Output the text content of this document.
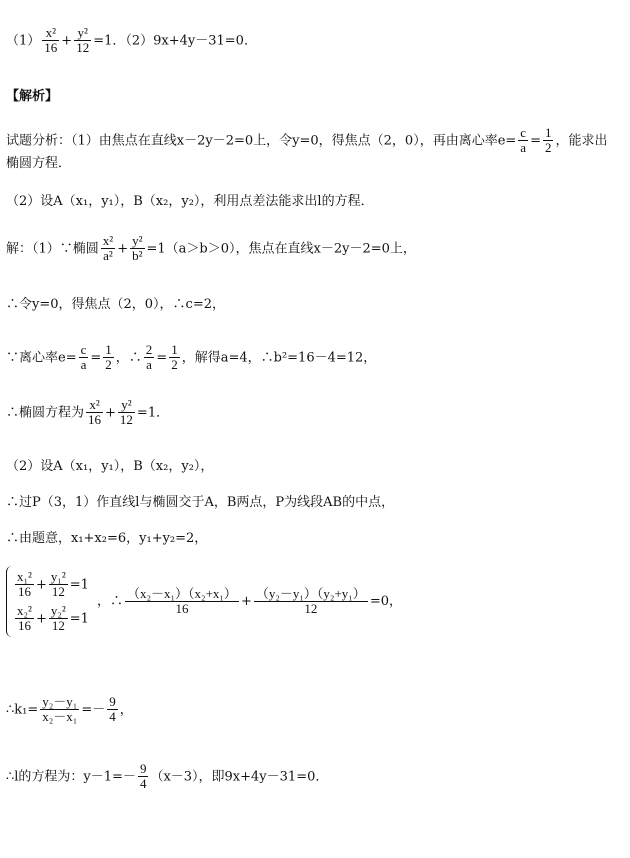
$(1) \frac{\text{x²}}{16} + \frac{\text{y²}}{12} =1$．（2）9x+4y－31=0．
【解析】
试题分析：（1）由焦点在直线x－2y－2=0上，令y=0，得焦点（2，0），再由离心率$e= \frac{c}{a} = \frac{1}{2}$ ，能求出
椭圆方程．
（2）设A（x₁，y₁），B（x₂，y₂），利用点差法能求出l的方程．
解：（1）∵椭圆 $\frac{\text{x²}}{\text{a²}} + \frac{\text{y²}}{\text{b²}} =1(a>b>0)$，焦点在直线x－2y－2=0上，
∴令y=0，得焦点（2，0），∴c=2，
∵离心率$e= \frac{c}{a} = \frac{1}{2}$ ，∴ $\frac{2}{a} = \frac{1}{2}$ ，解得a=4，∴b²=16－4=12，
∴椭圆方程为 $\frac{\text{x²}}{16} + \frac{\text{y²}}{12} =1$．
（2）设A（x₁，y₁），B（x₂，y₂），
∴过P（3，1）作直线l与椭圆交于A，B两点，P为线段AB的中点，
∴由题意，x₁+x₂=6，y₁+y₂=2，
$\frac{\text{x₁²}}{16} + \frac{\text{y₁²}}{12} =1$
$\frac{\text{x₂²}}{16} + \frac{\text{y₂²}}{12} =1$
，∴ $\frac{\text{（x₂－x₁）（x₂+x₁）}}{16} + \frac{\text{（y₂－y₁）（y₂+y₁）}}{12} =0$，
∴k₁= $\frac{\text{y₂－y₁}}{\text{x₂－x₁}} =- \frac{9}{4}$ ，
∴l的方程为：$y-1=- \frac{9}{4} (x-3)$，即9x+4y－31=0．
